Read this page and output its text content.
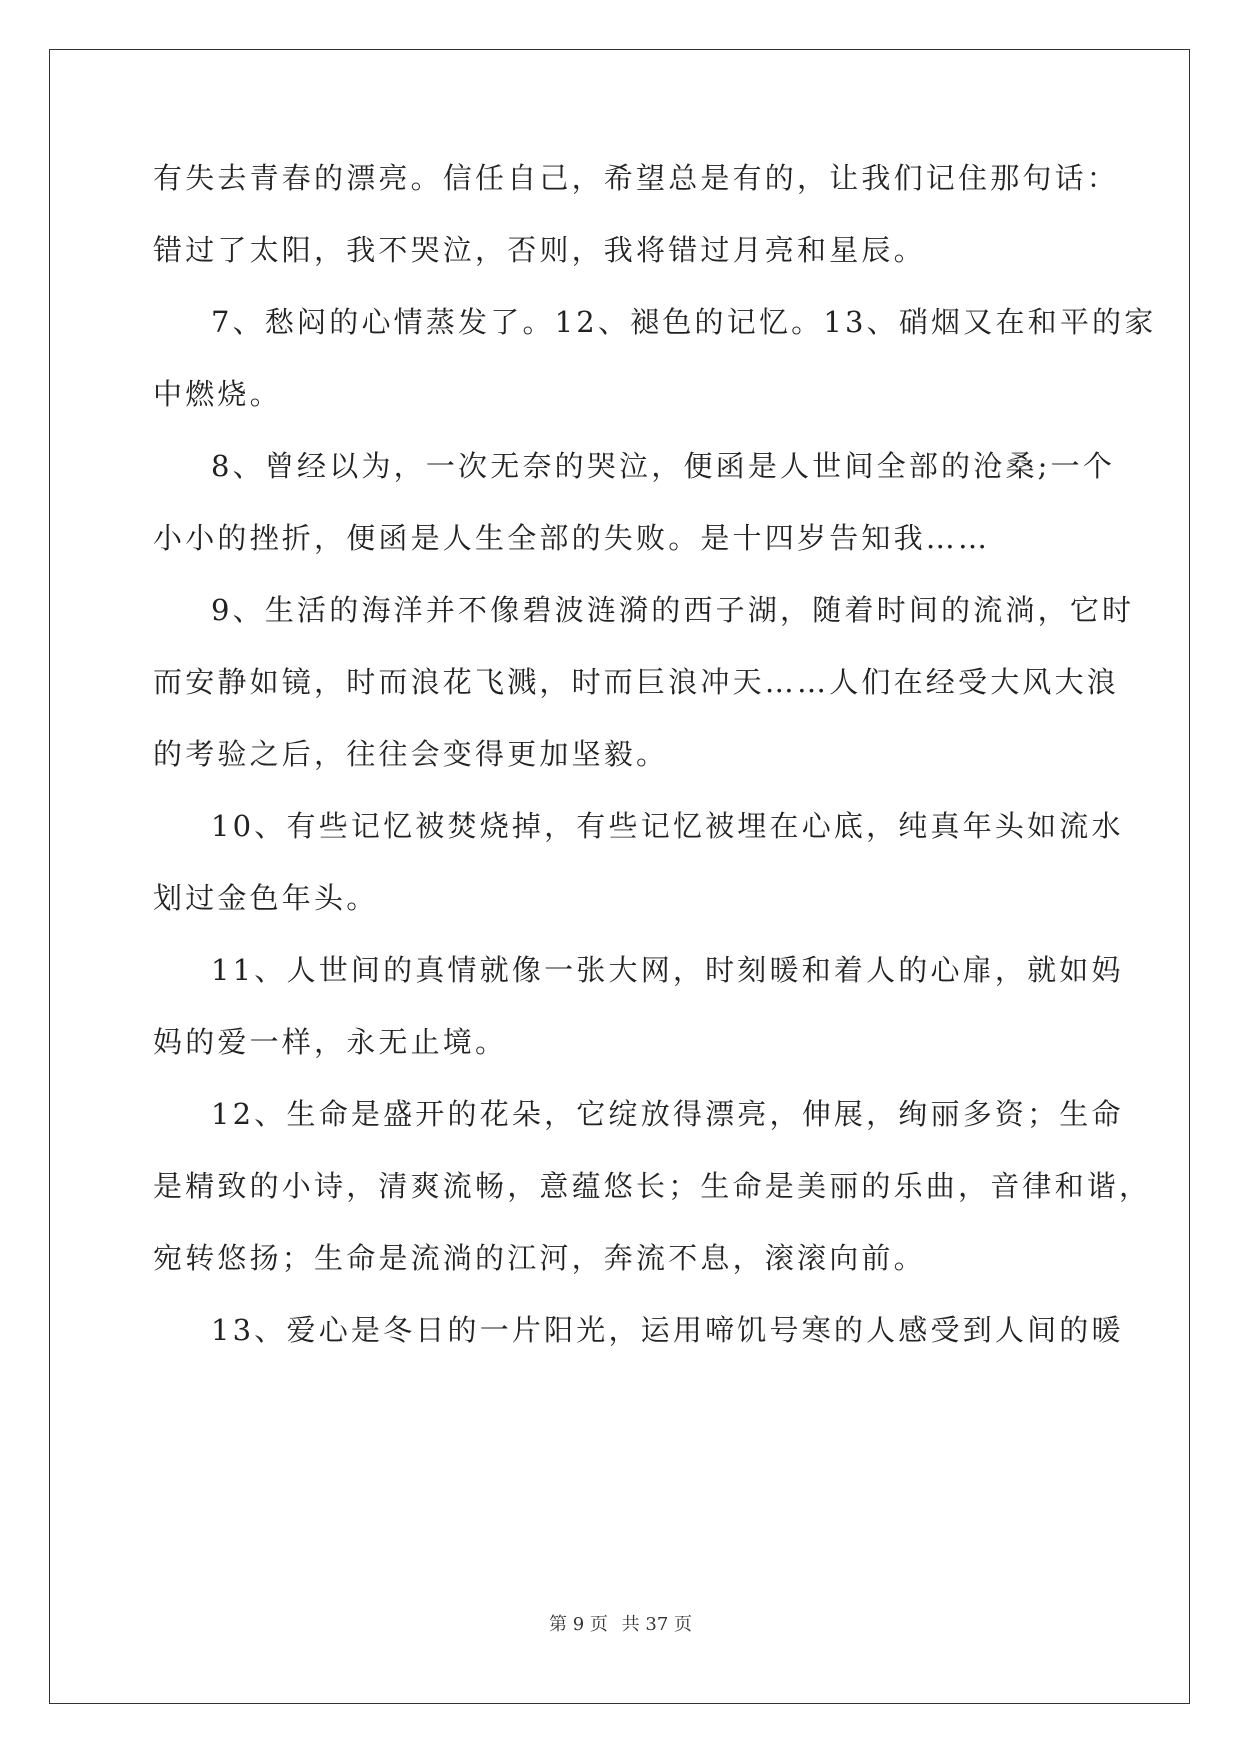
有失去青春的漂亮。信任自己，希望总是有的，让我们记住那句话：
错过了太阳，我不哭泣，否则，我将错过月亮和星辰。
7、愁闷的心情蒸发了。12、褪色的记忆。13、硝烟又在和平的家
中燃烧。
8、曾经以为，一次无奈的哭泣，便函是人世间全部的沧桑;一个
小小的挫折，便函是人生全部的失败。是十四岁告知我……
9、生活的海洋并不像碧波涟漪的西子湖，随着时间的流淌，它时
而安静如镜，时而浪花飞溅，时而巨浪冲天……人们在经受大风大浪
的考验之后，往往会变得更加坚毅。
10、有些记忆被焚烧掉，有些记忆被埋在心底，纯真年头如流水
划过金色年头。
11、人世间的真情就像一张大网，时刻暖和着人的心扉，就如妈
妈的爱一样，永无止境。
12、生命是盛开的花朵，它绽放得漂亮，伸展，绚丽多资；生命
是精致的小诗，清爽流畅，意蕴悠长；生命是美丽的乐曲，音律和谐，
宛转悠扬；生命是流淌的江河，奔流不息，滚滚向前。
13、爱心是冬日的一片阳光，运用啼饥号寒的人感受到人间的暖
第 9 页 共 37 页
